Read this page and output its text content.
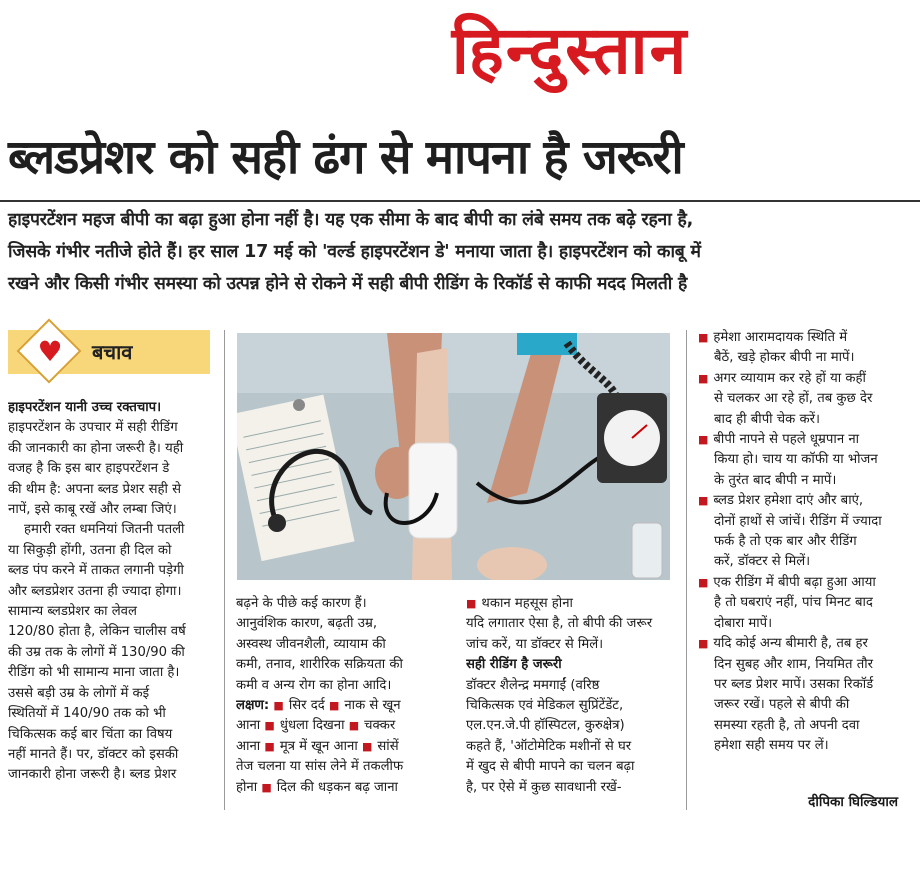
हिन्दुस्तान
ब्लडप्रेशर को सही ढंग से मापना है जरूरी
हाइपरटेंशन महज बीपी का बढ़ा हुआ होना नहीं है। यह एक सीमा के बाद बीपी का लंबे समय तक बढ़े रहना है,
जिसके गंभीर नतीजे होते हैं। हर साल 17 मई को 'वर्ल्ड हाइपरटेंशन डे' मनाया जाता है। हाइपरटेंशन को काबू में
रखने और किसी गंभीर समस्या को उत्पन्न होने से रोकने में सही बीपी रीडिंग के रिकॉर्ड से काफी मदद मिलती है
♥ बचाव
हाइपरटेंशन यानी उच्च रक्तचाप।
हाइपरटेंशन के उपचार में सही रीडिंग
की जानकारी का होना जरूरी है। यही
वजह है कि इस बार हाइपरटेंशन डे
की थीम है: अपना ब्लड प्रेशर सही से
नापें, इसे काबू रखें और लम्बा जिएं।
हमारी रक्त धमनियां जितनी पतली
या सिकुड़ी होंगी, उतना ही दिल को
ब्लड पंप करने में ताकत लगानी पड़ेगी
और ब्लडप्रेशर उतना ही ज्यादा होगा।
सामान्य ब्लडप्रेशर का लेवल
120/80 होता है, लेकिन चालीस वर्ष
की उम्र तक के लोगों में 130/90 की
रीडिंग को भी सामान्य माना जाता है।
उससे बड़ी उम्र के लोगों में कई
स्थितियों में 140/90 तक को भी
चिकित्सक कई बार चिंता का विषय
नहीं मानते हैं। पर, डॉक्टर को इसकी
जानकारी होना जरूरी है। ब्लड प्रेशर
बढ़ने के पीछे कई कारण हैं।
आनुवंशिक कारण, बढ़ती उम्र,
अस्वस्थ जीवनशैली, व्यायाम की
कमी, तनाव, शारीरिक सक्रियता की
कमी व अन्य रोग का होना आदि।
लक्षण: ■ सिर दर्द ■ नाक से खून
आना ■ धुंधला दिखना ■ चक्कर
आना ■ मूत्र में खून आना ■ सांसें
तेज चलना या सांस लेने में तकलीफ
होना ■ दिल की धड़कन बढ़ जाना
■ थकान महसूस होना
यदि लगातार ऐसा है, तो बीपी की जरूर
जांच करें, या डॉक्टर से मिलें।
सही रीडिंग है जरूरी
डॉक्टर शैलेन्द्र ममगाईं (वरिष्ठ
चिकित्सक एवं मेडिकल सुप्रिंटेंडेंट,
एल.एन.जे.पी हॉस्पिटल, कुरुक्षेत्र)
कहते हैं, 'ऑटोमेटिक मशीनों से घर
में खुद से बीपी मापने का चलन बढ़ा
है, पर ऐसे में कुछ सावधानी रखें-
■ हमेशा आरामदायक स्थिति में
बैठें, खड़े होकर बीपी ना मापें।
■ अगर व्यायाम कर रहे हों या कहीं
से चलकर आ रहे हों, तब कुछ देर
बाद ही बीपी चेक करें।
■ बीपी नापने से पहले धूम्रपान ना
किया हो। चाय या कॉफी या भोजन
के तुरंत बाद बीपी न मापें।
■ ब्लड प्रेशर हमेशा दाएं और बाएं,
दोनों हाथों से जांचें। रीडिंग में ज्यादा
फर्क है तो एक बार और रीडिंग
करें, डॉक्टर से मिलें।
■ एक रीडिंग में बीपी बढ़ा हुआ आया
है तो घबराएं नहीं, पांच मिनट बाद
दोबारा मापें।
■ यदि कोई अन्य बीमारी है, तब हर
दिन सुबह और शाम, नियमित तौर
पर ब्लड प्रेशर मापें। उसका रिकॉर्ड
जरूर रखें। पहले से बीपी की
समस्या रहती है, तो अपनी दवा
हमेशा सही समय पर लें।
दीपिका घिल्डियाल
